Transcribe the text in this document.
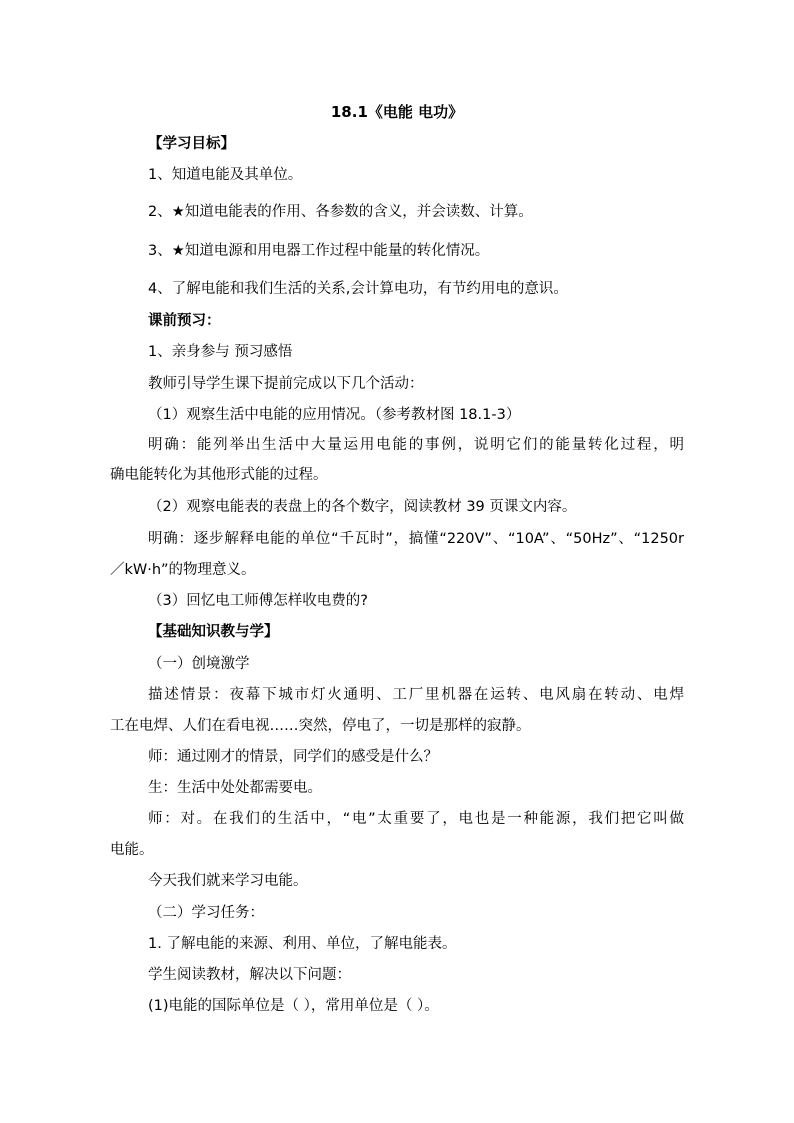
18.1《电能 电功》
【学习目标】
1、知道电能及其单位。
2、★知道电能表的作用、各参数的含义，并会读数、计算。
3、★知道电源和用电器工作过程中能量的转化情况。
4、了解电能和我们生活的关系,会计算电功，有节约用电的意识。
课前预习：
1、亲身参与 预习感悟
教师引导学生课下提前完成以下几个活动：
（1）观察生活中电能的应用情况。（参考教材图 18.1-3）
明确：能列举出生活中大量运用电能的事例，说明它们的能量转化过程，明
确电能转化为其他形式能的过程。
（2）观察电能表的表盘上的各个数字，阅读教材 39 页课文内容。
明确：逐步解释电能的单位“千瓦时”，搞懂“220V”、“10A”、“50Hz”、“1250r
／kW·h”的物理意义。
（3）回忆电工师傅怎样收电费的?
【基础知识教与学】
（一）创境激学
描述情景：夜幕下城市灯火通明、工厂里机器在运转、电风扇在转动、电焊
工在电焊、人们在看电视……突然，停电了，一切是那样的寂静。
师：通过刚才的情景，同学们的感受是什么？
生：生活中处处都需要电。
师：对。在我们的生活中，“电”太重要了，电也是一种能源，我们把它叫做
电能。
今天我们就来学习电能。
（二）学习任务：
1. 了解电能的来源、利用、单位，了解电能表。
学生阅读教材，解决以下问题：
(1)电能的国际单位是（ ），常用单位是（ ）。
